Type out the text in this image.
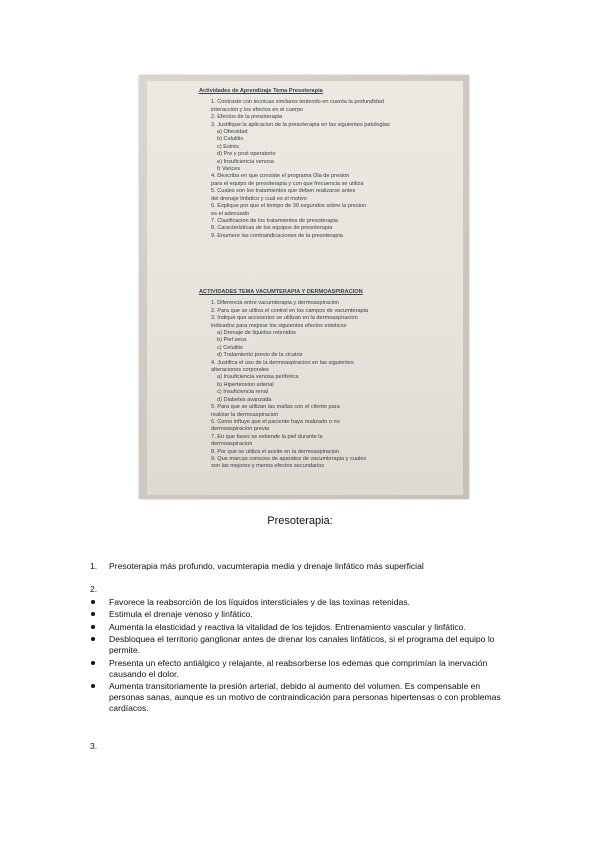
Actividades de Aprendizaje Tema Presoterapia
1. Contraste con tecnicas similares teniendo en cuenta la profundidad
interacción y los efectos en el cuerpo
2. Efectos de la presoterapia
3. Justifique la aplicacion de la presoterapia en las siguientes patologias
a) Obesidad
b) Celulitis
c) Estrés
d) Pre y post operatorio
e) Insuficiencia venosa
f) Varices
4. Describa en que consiste el programa Ola de presion
para el equipo de presoterapia y con que frecuencia se utiliza
5. Cuales son los tratamientos que deben realizarse antes
del drenaje linfatico y cual es el motivo
6. Explique por que el tiempo de 30 segundos sobre la presion
es el adecuado
7. Clasificacion de los tratamientos de presoterapia
8. Caracteristicas de los equipos de presoterapia
9. Enumere las contraindicaciones de la presoterapia
ACTIVIDADES TEMA VACUMTERAPIA Y DERMOASPIRACION
1. Diferencia entre vacumterapia y dermoaspiracion
2. Para que se utiliza el control en los campos de vacumterapia
3. Indique que accesorios se utilizan en la dermoaspiracion
indicados para mejorar los siguientes efectos esteticos
a) Drenaje de liquidos retenidos
b) Piel seca
c) Celulitis
d) Tratamiento previo de la cicatriz
4. Justifica el uso de la dermoaspiracion en las siguientes
alteraciones corporales
a) Insuficiencia venosa periferica
b) Hipertension arterial
c) Insuficiencia renal
d) Diabetes avanzada
5. Para que se utilizan las mallas con el cliente para
realizar la dermoaspiracion
6. Como influye que el paciente haya realizado o no
dermoaspiracion previa
7. En que fases se extiende la piel durante la
dermoaspiracion
8. Por que se utiliza el aceite en la dermoaspiracion
9. Que marcas conoces de aparatos de vacumterapia y cuales
son las mejores y menos efectos secundarios
Presoterapia:
1. Presoterapia más profundo, vacumterapia media y drenaje linfático más superficial
2.
Favorece la reabsorción de los líquidos intersticiales y de las toxinas retenidas.
Estimula el drenaje venoso y linfático.
Aumenta la elasticidad y reactiva la vitalidad de los tejidos. Entrenamiento vascular y linfático.
Desbloquea el territorio ganglionar antes de drenar los canales linfáticos, si el programa del equipo lo permite.
Presenta un efecto antiálgico y relajante, al reabsorberse los edemas que comprimían la inervación causando el dolor.
Aumenta transitoriamente la presión arterial, debido al aumento del volumen. Es compensable en personas sanas, aunque es un motivo de contraindicación para personas hipertensas o con problemas cardíacos.
3.
